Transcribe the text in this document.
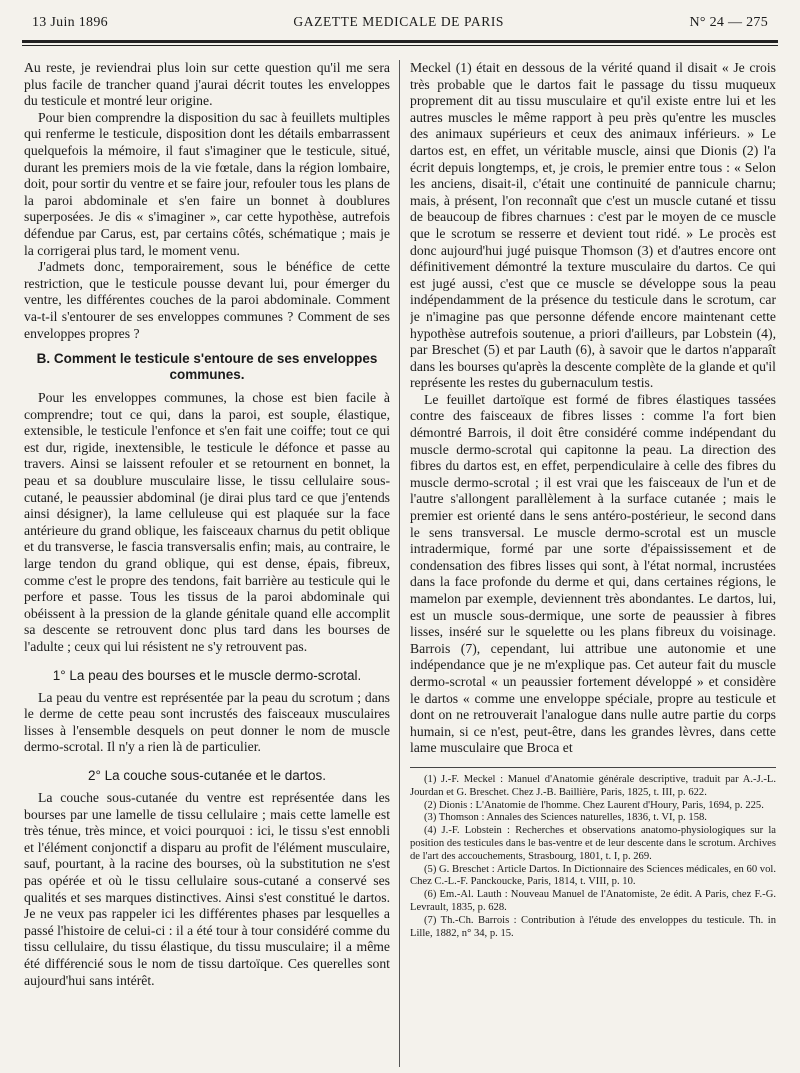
13 Juin 1896	GAZETTE MEDICALE DE PARIS	N° 24 — 275

Au reste, je reviendrai plus loin sur cette question qu'il me sera plus facile de trancher quand j'aurai décrit toutes les enveloppes du testicule et montré leur origine.

Pour bien comprendre la disposition du sac à feuillets multiples qui renferme le testicule, disposition dont les détails embarrassent quelquefois la mémoire, il faut s'imaginer que le testicule, situé, durant les premiers mois de la vie fœtale, dans la région lombaire, doit, pour sortir du ventre et se faire jour, refouler tous les plans de la paroi abdominale et s'en faire un bonnet à doublures superposées. Je dis « s'imaginer », car cette hypothèse, autrefois défendue par Carus, est, par certains côtés, schématique ; mais je la corrigerai plus tard, le moment venu.

J'admets donc, temporairement, sous le bénéfice de cette restriction, que le testicule pousse devant lui, pour émerger du ventre, les différentes couches de la paroi abdominale. Comment va-t-il s'entourer de ses enveloppes communes ? Comment de ses enveloppes propres ?

B. Comment le testicule s'entoure de ses enveloppes communes.

Pour les enveloppes communes, la chose est bien facile à comprendre; tout ce qui, dans la paroi, est souple, élastique, extensible, le testicule l'enfonce et s'en fait une coiffe; tout ce qui est dur, rigide, inextensible, le testicule le défonce et passe au travers. Ainsi se laissent refouler et se retournent en bonnet, la peau et sa doublure musculaire lisse, le tissu cellulaire sous-cutané, le peaussier abdominal (je dirai plus tard ce que j'entends ainsi désigner), la lame celluleuse qui est plaquée sur la face antérieure du grand oblique, les faisceaux charnus du petit oblique et du transverse, le fascia transversalis enfin; mais, au contraire, le large tendon du grand oblique, qui est dense, épais, fibreux, comme c'est le propre des tendons, fait barrière au testicule qui le perfore et passe. Tous les tissus de la paroi abdominale qui obéissent à la pression de la glande génitale quand elle accomplit sa descente se retrouvent donc plus tard dans les bourses de l'adulte ; ceux qui lui résistent ne s'y retrouvent pas.

1° La peau des bourses et le muscle dermo-scrotal.

La peau du ventre est représentée par la peau du scrotum ; dans le derme de cette peau sont incrustés des faisceaux musculaires lisses à l'ensemble desquels on peut donner le nom de muscle dermo-scrotal. Il n'y a rien là de particulier.

2° La couche sous-cutanée et le dartos.

La couche sous-cutanée du ventre est représentée dans les bourses par une lamelle de tissu cellulaire ; mais cette lamelle est très ténue, très mince, et voici pourquoi : ici, le tissu s'est ennobli et l'élément conjonctif a disparu au profit de l'élément musculaire, sauf, pourtant, à la racine des bourses, où la substitution ne s'est pas opérée et où le tissu cellulaire sous-cutané a conservé ses qualités et ses marques distinctives. Ainsi s'est constitué le dartos. Je ne veux pas rappeler ici les différentes phases par lesquelles a passé l'histoire de celui-ci : il a été tour à tour considéré comme du tissu cellulaire, du tissu élastique, du tissu musculaire; il a même été différencié sous le nom de tissu dartoïque. Ces querelles sont aujourd'hui sans intérêt.

Meckel (1) était en dessous de la vérité quand il disait « Je crois très probable que le dartos fait le passage du tissu muqueux proprement dit au tissu musculaire et qu'il existe entre lui et les autres muscles le même rapport à peu près qu'entre les muscles des animaux supérieurs et ceux des animaux inférieurs. » Le dartos est, en effet, un véritable muscle, ainsi que Dionis (2) l'a écrit depuis longtemps, et, je crois, le premier entre tous : « Selon les anciens, disait-il, c'était une continuité de pannicule charnu; mais, à présent, l'on reconnaît que c'est un muscle cutané et tissu de beaucoup de fibres charnues : c'est par le moyen de ce muscle que le scrotum se resserre et devient tout ridé. » Le procès est donc aujourd'hui jugé puisque Thomson (3) et d'autres encore ont définitivement démontré la texture musculaire du dartos. Ce qui est jugé aussi, c'est que ce muscle se développe sous la peau indépendamment de la présence du testicule dans le scrotum, car je n'imagine pas que personne défende encore maintenant cette hypothèse autrefois soutenue, a priori d'ailleurs, par Lobstein (4), par Breschet (5) et par Lauth (6), à savoir que le dartos n'apparaît dans les bourses qu'après la descente complète de la glande et qu'il représente les restes du gubernaculum testis.

Le feuillet dartoïque est formé de fibres élastiques tassées contre des faisceaux de fibres lisses : comme l'a fort bien démontré Barrois, il doit être considéré comme indépendant du muscle dermo-scrotal qui capitonne la peau. La direction des fibres du dartos est, en effet, perpendiculaire à celle des fibres du muscle dermo-scrotal ; il est vrai que les faisceaux de l'un et de l'autre s'allongent parallèlement à la surface cutanée ; mais le premier est orienté dans le sens antéro-postérieur, le second dans le sens transversal. Le muscle dermo-scrotal est un muscle intradermique, formé par une sorte d'épaississement et de condensation des fibres lisses qui sont, à l'état normal, incrustées dans la face profonde du derme et qui, dans certaines régions, le mamelon par exemple, deviennent très abondantes. Le dartos, lui, est un muscle sous-dermique, une sorte de peaussier à fibres lisses, inséré sur le squelette ou les plans fibreux du voisinage. Barrois (7), cependant, lui attribue une autonomie et une indépendance que je ne m'explique pas. Cet auteur fait du muscle dermo-scrotal « un peaussier fortement développé » et considère le dartos « comme une enveloppe spéciale, propre au testicule et dont on ne retrouverait l'analogue dans nulle autre partie du corps humain, si ce n'est, peut-être, dans les grandes lèvres, dans cette lame musculaire que Broca et

(1) J.-F. Meckel : Manuel d'Anatomie générale descriptive, traduit par A.-J.-L. Jourdan et G. Breschet. Chez J.-B. Baillière, Paris, 1825, t. III, p. 622.

(2) Dionis : L'Anatomie de l'homme. Chez Laurent d'Houry, Paris, 1694, p. 225.

(3) Thomson : Annales des Sciences naturelles, 1836, t. VI, p. 158.

(4) J.-F. Lobstein : Recherches et observations anatomo-physiologiques sur la position des testicules dans le bas-ventre et de leur descente dans le scrotum. Archives de l'art des accouchements, Strasbourg, 1801, t. I, p. 269.

(5) G. Breschet : Article Dartos. In Dictionnaire des Sciences médicales, en 60 vol. Chez C.-L.-F. Panckoucke, Paris, 1814, t. VIII, p. 10.

(6) Em.-Al. Lauth : Nouveau Manuel de l'Anatomiste, 2e édit. A Paris, chez F.-G. Levrault, 1835, p. 628.

(7) Th.-Ch. Barrois : Contribution à l'étude des enveloppes du testicule. Th. in Lille, 1882, n° 34, p. 15.
